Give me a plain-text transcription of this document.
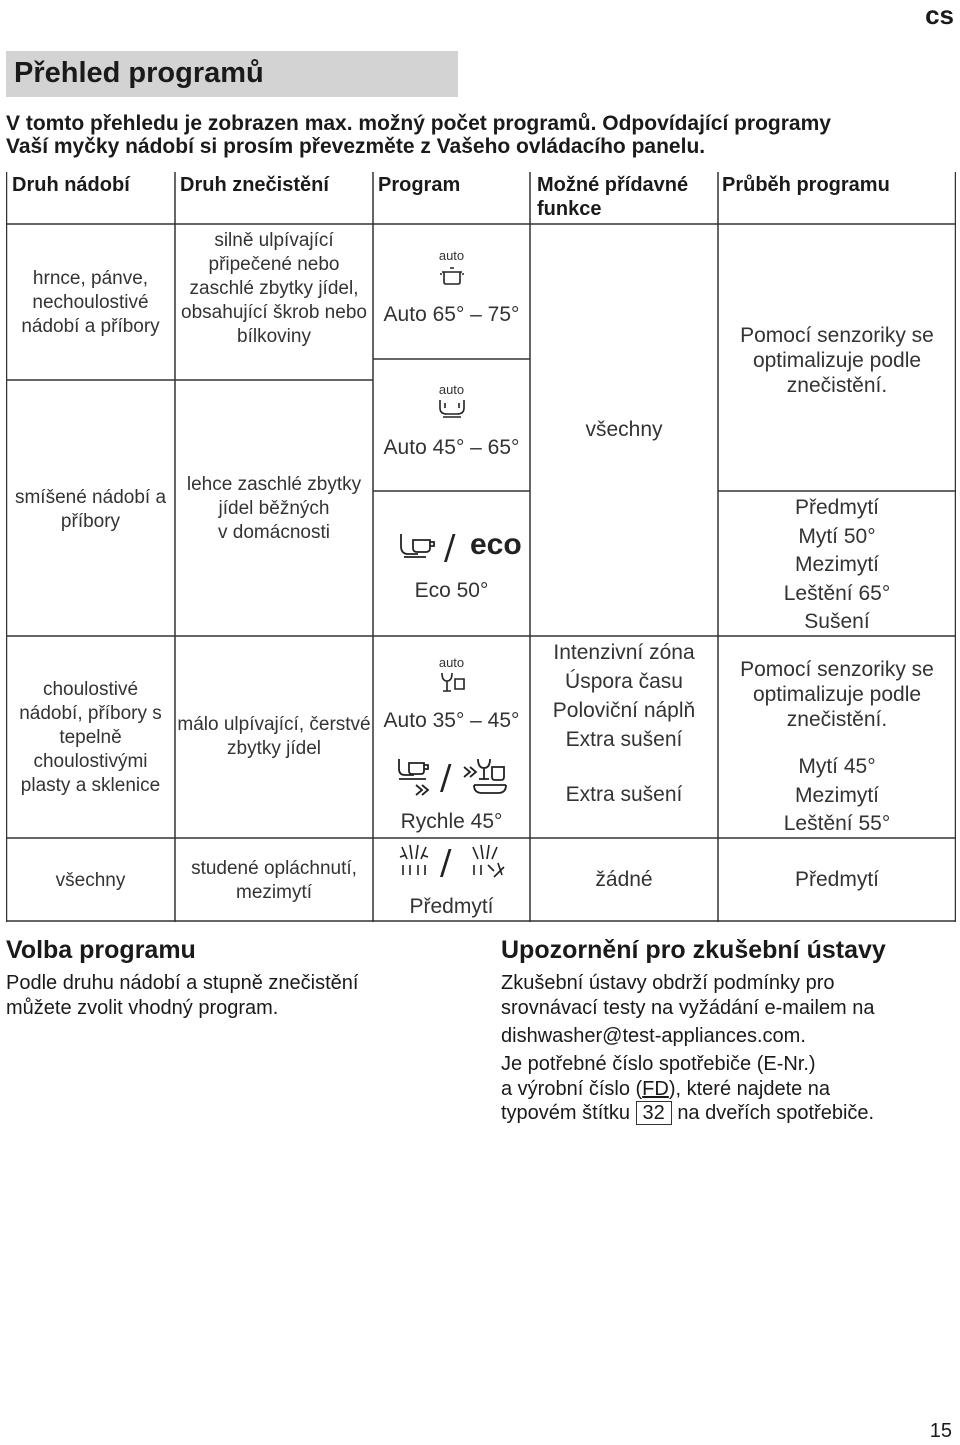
cs
Přehled programů
V tomto přehledu je zobrazen max. možný počet programů. Odpovídající programy
Vaší myčky nádobí si prosím převezměte z Vašeho ovládacího panelu.
Druh nádobí	Druh znečistění Program	Možné přídavné
funkce
Průběh programu
hrnce, pánve,
nechoulostivé
nádobí a příbory
smíšené nádobí a
příbory
choulostivé
nádobí, příbory s
tepelně
choulostivými
plasty a sklenice
všechny
silně ulpívající
připečené nebo
zaschlé zbytky jídel,
obsahující škrob nebo
bílkoviny
lehce zaschlé zbytky
jídel běžných
v domácnosti
málo ulpívající, čerstvé
zbytky jídel
studené opláchnutí,
mezimytí
auto
Auto 65° – 75°
auto
Auto 45° – 65°
/ eco
Eco 50°
auto
Auto 35° – 45°
/
Rychle 45°
/
Předmytí
všechny
Intenzivní zóna
Úspora času
Poloviční náplň
Extra sušení
Extra sušení
žádné
Pomocí senzoriky se
optimalizuje podle
znečistění.
Předmytí
Mytí 50°
Mezimytí
Leštění 65°
Sušení
Pomocí senzoriky se
optimalizuje podle
znečistění.
Mytí 45°
Mezimytí
Leštění 55°
Předmytí
Volba programu
Podle druhu nádobí a stupně znečistění
můžete zvolit vhodný program.
Upozornění pro zkušební ústavy
Zkušební ústavy obdrží podmínky pro
srovnávací testy na vyžádání e-mailem na
dishwasher@test-appliances.com.
Je potřebné číslo spotřebiče (E-Nr.)
a výrobní číslo (FD), které najdete na
typovém štítku 32 na dveřích spotřebiče.
15
